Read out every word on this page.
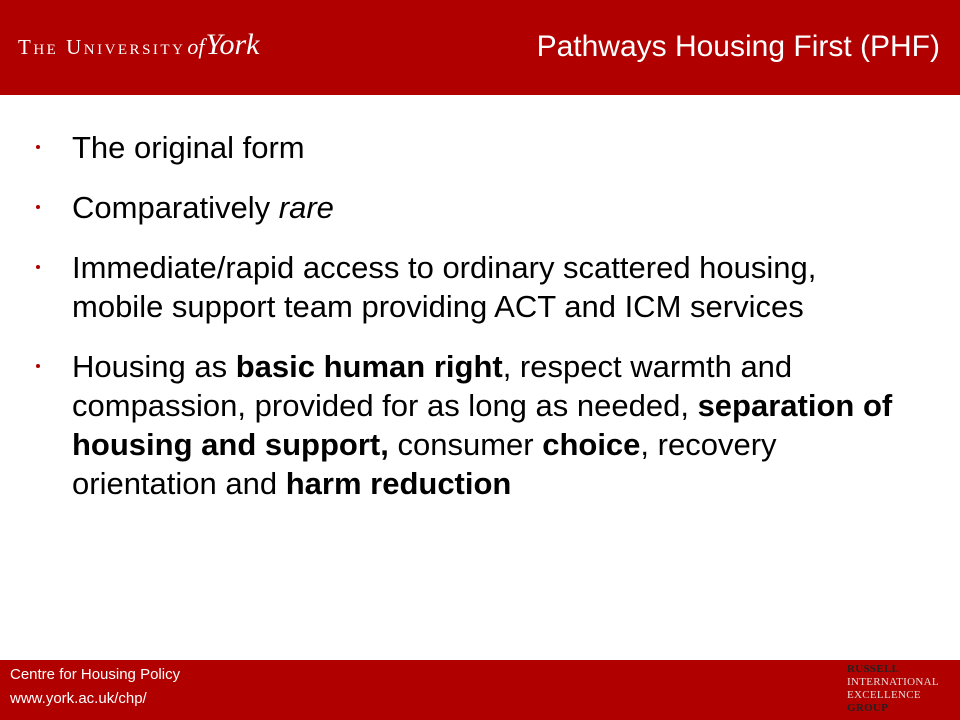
The University of York	Pathways Housing First (PHF)
The original form
Comparatively rare
Immediate/rapid access to ordinary scattered housing, mobile support team providing ACT and ICM services
Housing as basic human right, respect warmth and compassion, provided for as long as needed, separation of housing and support, consumer choice, recovery orientation and harm reduction
Centre for Housing Policy
www.york.ac.uk/chp/
RUSSELL
INTERNATIONAL
EXCELLENCE
GROUP
